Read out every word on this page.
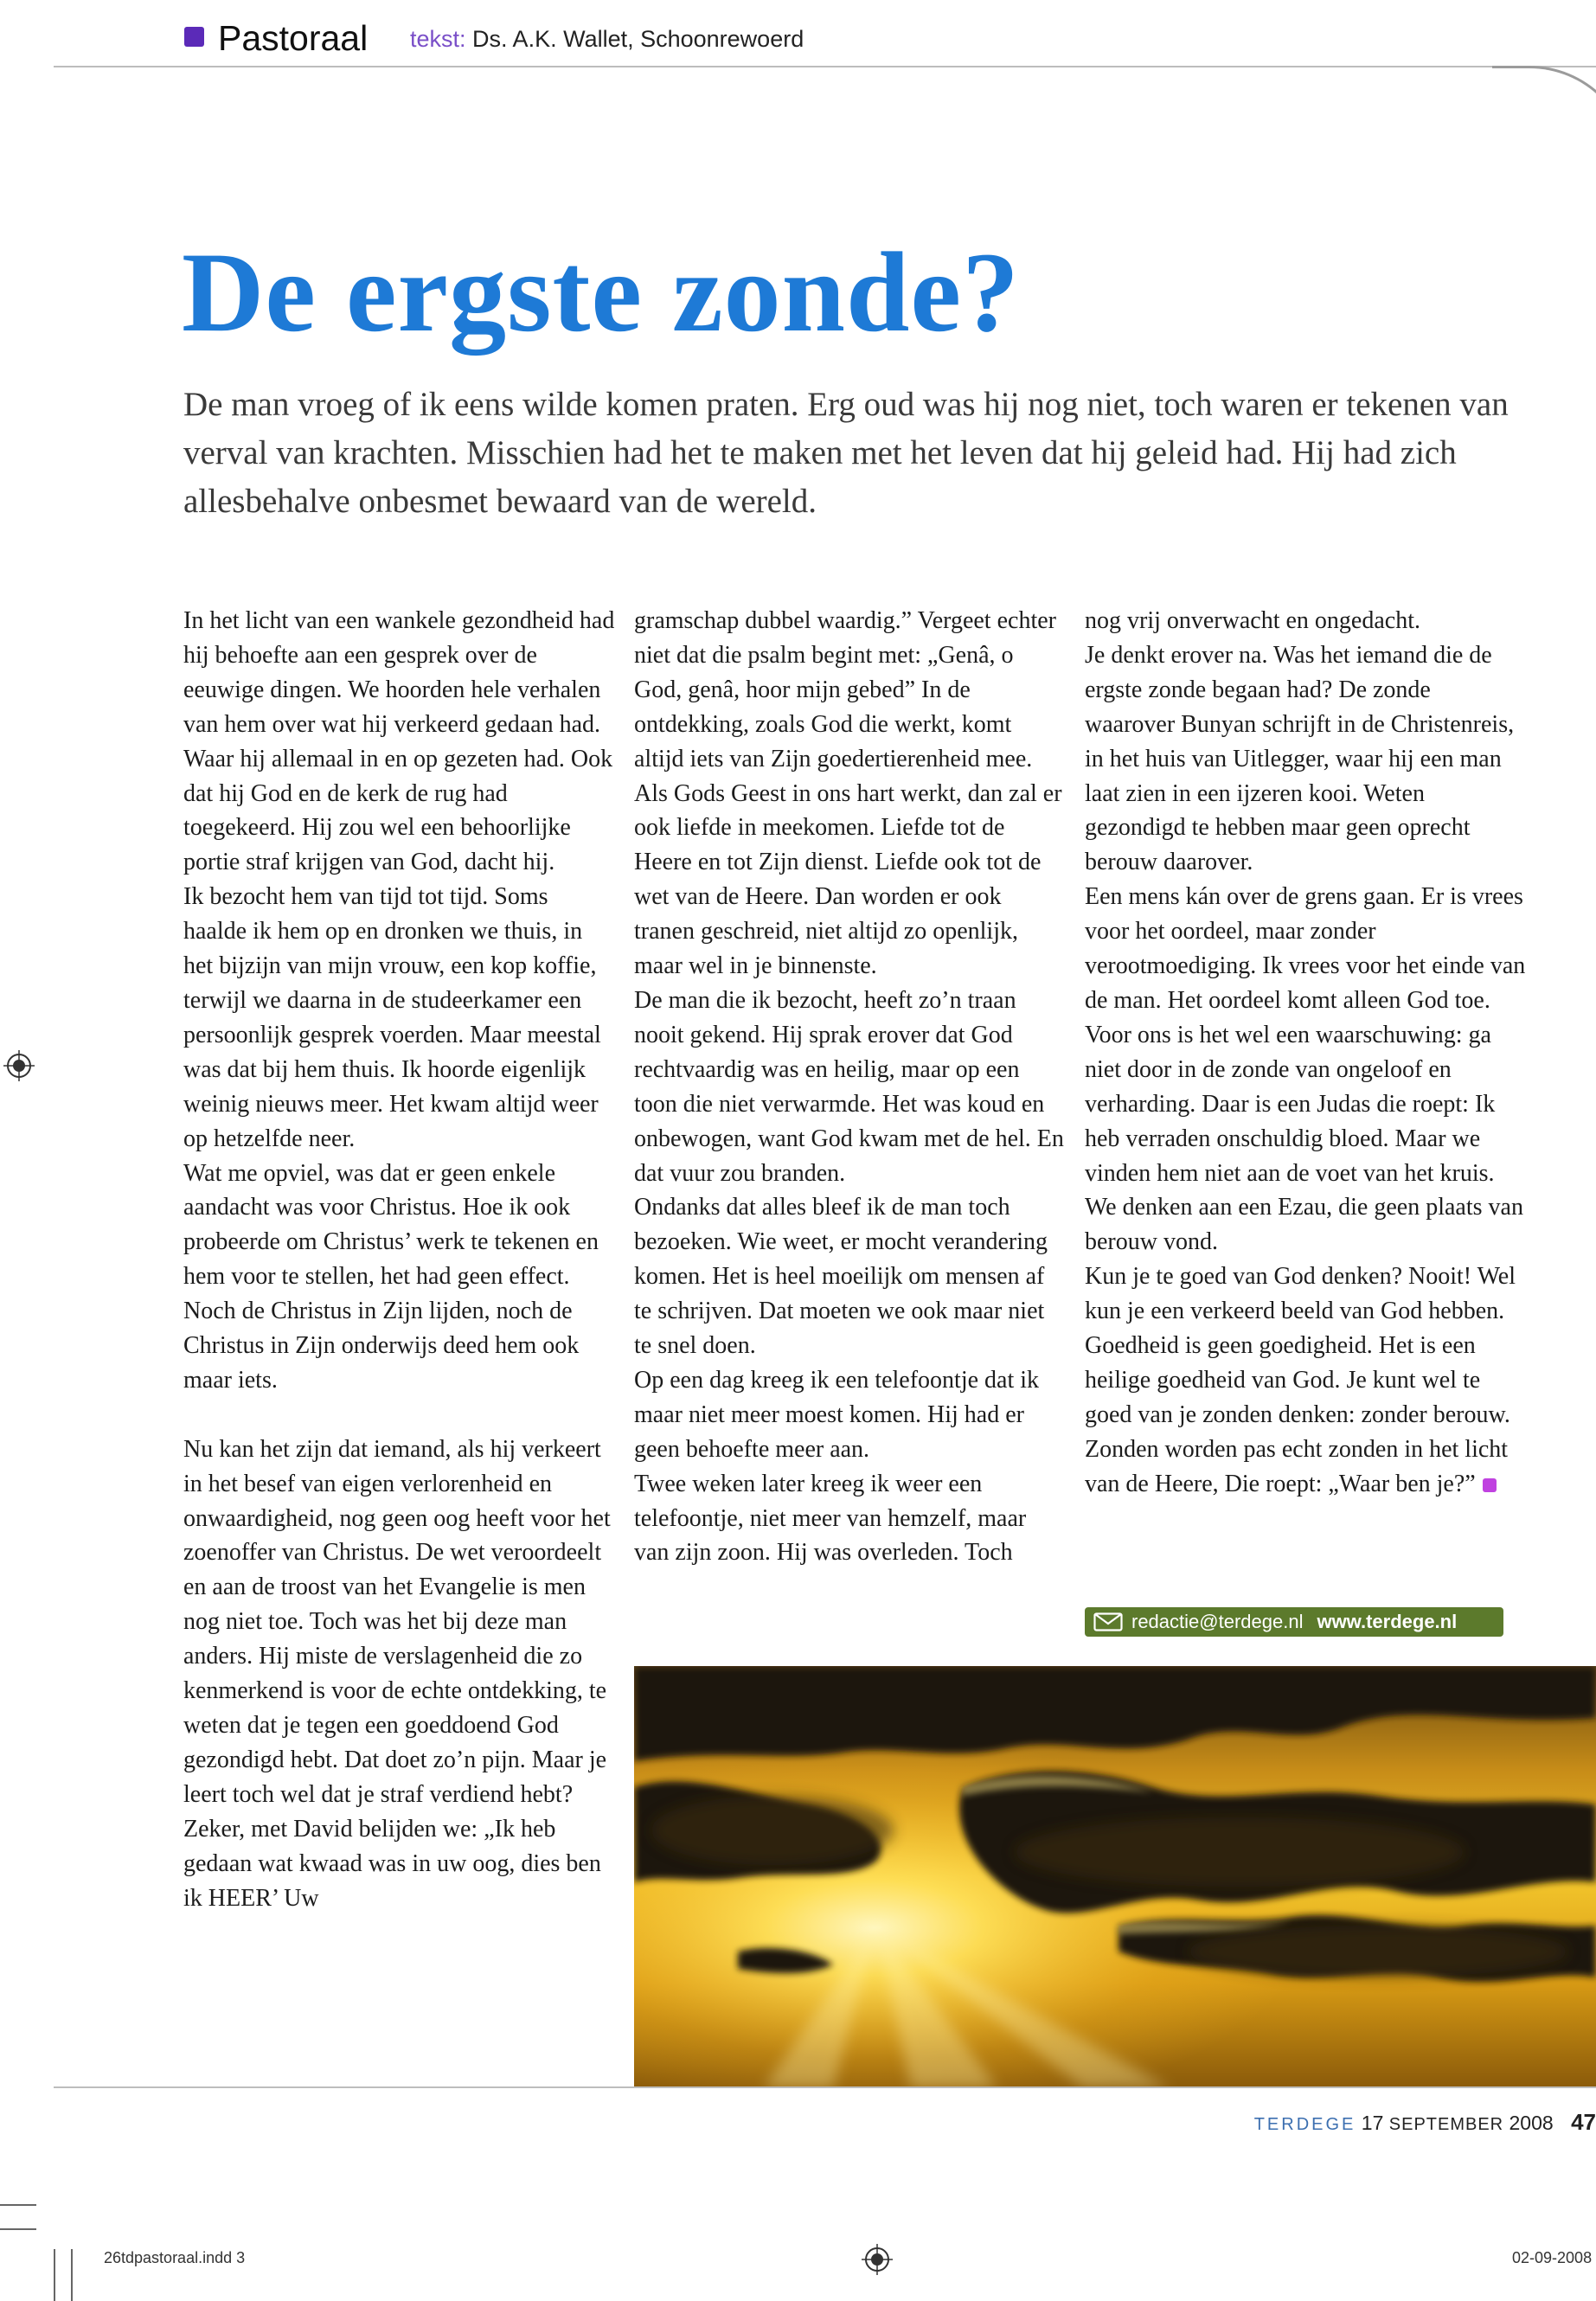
Pastoraal tekst: Ds. A.K. Wallet, Schoonrewoerd
De ergste zonde?

De man vroeg of ik eens wilde komen praten. Erg oud was hij nog niet, toch waren er tekenen van verval van krachten. Misschien had het te maken met het leven dat hij geleid had. Hij had zich allesbehalve onbesmet bewaard van de wereld.

In het licht van een wankele gezondheid had hij behoefte aan een gesprek over de eeuwige dingen. We hoorden hele verhalen van hem over wat hij verkeerd gedaan had. Waar hij allemaal in en op gezeten had. Ook dat hij God en de kerk de rug had toegekeerd. Hij zou wel een behoorlijke portie straf krijgen van God, dacht hij.

Ik bezocht hem van tijd tot tijd. Soms haalde ik hem op en dronken we thuis, in het bijzijn van mijn vrouw, een kop koffie, terwijl we daarna in de studeerkamer een persoonlijk gesprek voerden. Maar meestal was dat bij hem thuis. Ik hoorde eigenlijk weinig nieuws meer. Het kwam altijd weer op hetzelfde neer.

Wat me opviel, was dat er geen enkele aandacht was voor Christus. Hoe ik ook probeerde om Christus’ werk te tekenen en hem voor te stellen, het had geen effect. Noch de Christus in Zijn lijden, noch de Christus in Zijn onderwijs deed hem ook maar iets.

Nu kan het zijn dat iemand, als hij verkeert in het besef van eigen verlorenheid en onwaardigheid, nog geen oog heeft voor het zoenoffer van Christus. De wet veroordeelt en aan de troost van het Evangelie is men nog niet toe. Toch was het bij deze man anders. Hij miste de verslagenheid die zo kenmerkend is voor de echte ontdekking, te weten dat je tegen een goeddoend God gezondigd hebt. Dat doet zo’n pijn. Maar je leert toch wel dat je straf verdiend hebt? Zeker, met David belijden we: „Ik heb gedaan wat kwaad was in uw oog, dies ben ik HEER’ Uw

gramschap dubbel waardig.” Vergeet echter niet dat die psalm begint met: „Genâ, o God, genâ, hoor mijn gebed” In de ontdekking, zoals God die werkt, komt altijd iets van Zijn goedertierenheid mee. Als Gods Geest in ons hart werkt, dan zal er ook liefde in meekomen. Liefde tot de Heere en tot Zijn dienst. Liefde ook tot de wet van de Heere. Dan worden er ook tranen geschreid, niet altijd zo openlijk, maar wel in je binnenste.

De man die ik bezocht, heeft zo’n traan nooit gekend. Hij sprak erover dat God rechtvaardig was en heilig, maar op een toon die niet verwarmde. Het was koud en onbewogen, want God kwam met de hel. En dat vuur zou branden.

Ondanks dat alles bleef ik de man toch bezoeken. Wie weet, er mocht verandering komen. Het is heel moeilijk om mensen af te schrijven. Dat moeten we ook maar niet te snel doen.

Op een dag kreeg ik een telefoontje dat ik maar niet meer moest komen. Hij had er geen behoefte meer aan.

Twee weken later kreeg ik weer een telefoontje, niet meer van hemzelf, maar van zijn zoon. Hij was overleden. Toch

nog vrij onverwacht en ongedacht.

Je denkt erover na. Was het iemand die de ergste zonde begaan had? De zonde waarover Bunyan schrijft in de Christenreis, in het huis van Uitlegger, waar hij een man laat zien in een ijzeren kooi. Weten gezondigd te hebben maar geen oprecht berouw daarover.

Een mens kán over de grens gaan. Er is vrees voor het oordeel, maar zonder verootmoediging. Ik vrees voor het einde van de man. Het oordeel komt alleen God toe. Voor ons is het wel een waarschuwing: ga niet door in de zonde van ongeloof en verharding. Daar is een Judas die roept: Ik heb verraden onschuldig bloed. Maar we vinden hem niet aan de voet van het kruis. We denken aan een Ezau, die geen plaats van berouw vond.

Kun je te goed van God denken? Nooit! Wel kun je een verkeerd beeld van God hebben. Goedheid is geen goedigheid. Het is een heilige goedheid van God. Je kunt wel te goed van je zonden denken: zonder berouw. Zonden worden pas echt zonden in het licht van de Heere, Die roept: „Waar ben je?”

redactie@terdege.nl www.terdege.nl
TERDEGE 17 SEPTEMBER 2008 47
26tdpastoraal.indd 3	02-09-2008
